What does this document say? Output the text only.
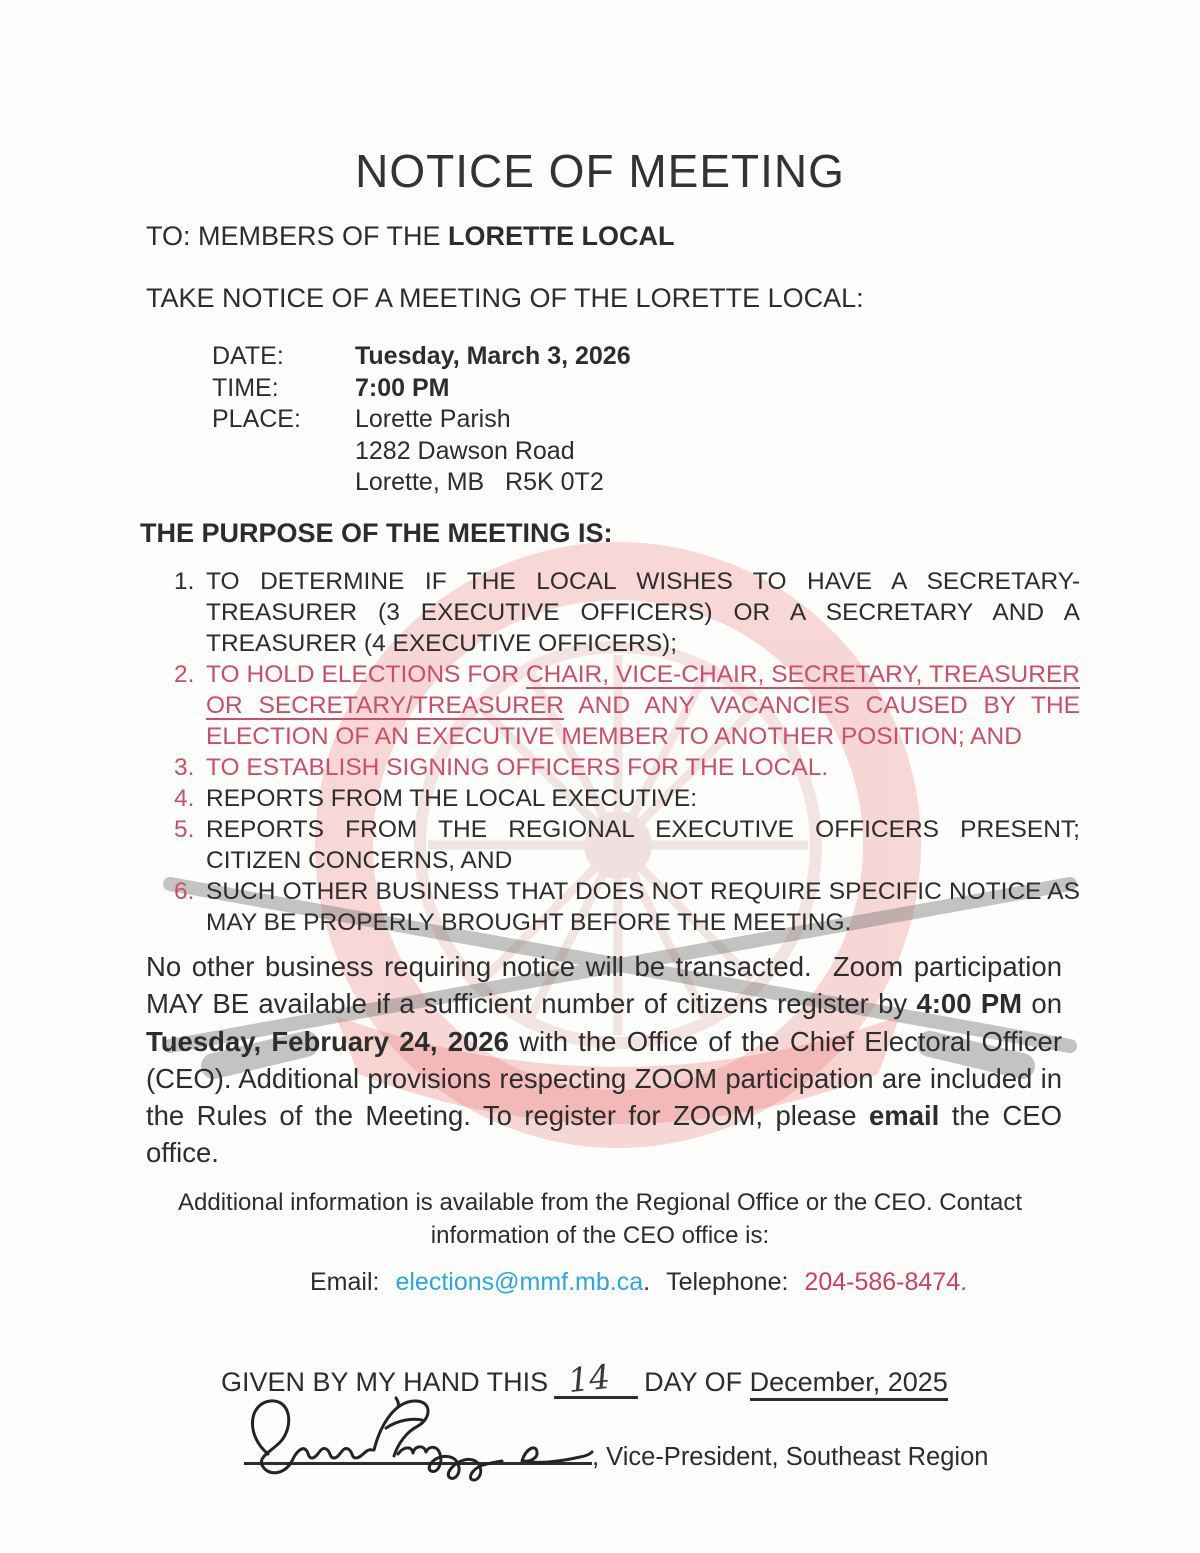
NOTICE OF MEETING
TO: MEMBERS OF THE LORETTE LOCAL
TAKE NOTICE OF A MEETING OF THE LORETTE LOCAL:
DATE:	Tuesday, March 3, 2026
TIME:	7:00 PM
PLACE:	Lorette Parish
1282 Dawson Road
Lorette, MB   R5K 0T2
THE PURPOSE OF THE MEETING IS:
1. TO DETERMINE IF THE LOCAL WISHES TO HAVE A SECRETARY- TREASURER (3 EXECUTIVE OFFICERS) OR A SECRETARY AND A TREASURER (4 EXECUTIVE OFFICERS);
2. TO HOLD ELECTIONS FOR CHAIR, VICE-CHAIR, SECRETARY, TREASURER OR SECRETARY/TREASURER AND ANY VACANCIES CAUSED BY THE ELECTION OF AN EXECUTIVE MEMBER TO ANOTHER POSITION; AND
3. TO ESTABLISH SIGNING OFFICERS FOR THE LOCAL.
4. REPORTS FROM THE LOCAL EXECUTIVE:
5. REPORTS FROM THE REGIONAL EXECUTIVE OFFICERS PRESENT; CITIZEN CONCERNS, AND
6. SUCH OTHER BUSINESS THAT DOES NOT REQUIRE SPECIFIC NOTICE AS MAY BE PROPERLY BROUGHT BEFORE THE MEETING.
No other business requiring notice will be transacted.  Zoom participation MAY BE available if a sufficient number of citizens register by 4:00 PM on Tuesday, February 24, 2026 with the Office of the Chief Electoral Officer (CEO). Additional provisions respecting ZOOM participation are included in the Rules of the Meeting. To register for ZOOM, please email the CEO office.
Additional information is available from the Regional Office or the CEO. Contact information of the CEO office is:
Email: elections@mmf.mb.ca. Telephone: 204-586-8474.
GIVEN BY MY HAND THIS 14 DAY OF December, 2025
, Vice-President, Southeast Region
